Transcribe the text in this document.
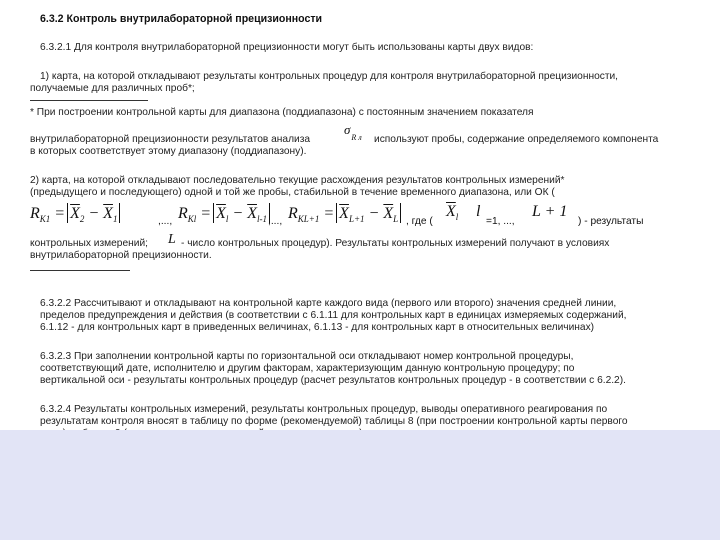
6.3.2 Контроль внутрилабораторной прецизионности
6.3.2.1 Для контроля внутрилабораторной прецизионности могут быть использованы карты двух видов:
1) карта, на которой откладывают результаты контрольных процедур для контроля внутрилабораторной прецизионности,
получаемые для различных проб*;
* При построении контрольной карты для диапазона (поддиапазона) с постоянным значением показателя
внутрилабораторной прецизионности результатов анализа
$\sigma_{R л}$ используют пробы, содержание определяемого компонента
в которых соответствует этому диапазону (поддиапазону).
2) карта, на которой откладывают последовательно текущие расхождения результатов контрольных измерений*
(предыдущего и последующего) одной и той же пробы, стабильной в течение временного диапазона, или ОК (
$R_{K1} = \overline{X}_2 - \overline{X}_1$	,..., $R_{Kl} = \overline{X}_l - \overline{X}_{l-1}$ ,..., $R_{KL+1} = \overline{X}_{L+1} - \overline{X}_L$ , где (
$\overline{X}_l$ l
=1, ...,
L + 1
) - результаты
контрольных измерений; L - число контрольных процедур). Результаты контрольных измерений получают в условиях
внутрилабораторной прецизионности.
6.3.2.2 Рассчитывают и откладывают на контрольной карте каждого вида (первого или второго) значения средней линии,
пределов предупреждения и действия (в соответствии с 6.1.11 для контрольных карт в единицах измеряемых содержаний,
6.1.12 - для контрольных карт в приведенных величинах, 6.1.13 - для контрольных карт в относительных величинах)
6.3.2.3 При заполнении контрольной карты по горизонтальной оси откладывают номер контрольной процедуры,
соответствующий дате, исполнителю и другим факторам, характеризующим данную контрольную процедуру; по
вертикальной оси - результаты контрольных процедур (расчет результатов контрольных процедур - в соответствии с 6.2.2).
6.3.2.4 Результаты контрольных измерений, результаты контрольных процедур, выводы оперативного реагирования по
результатам контроля вносят в таблицу по форме (рекомендуемой) таблицы 8 (при построении контрольной карты первого
